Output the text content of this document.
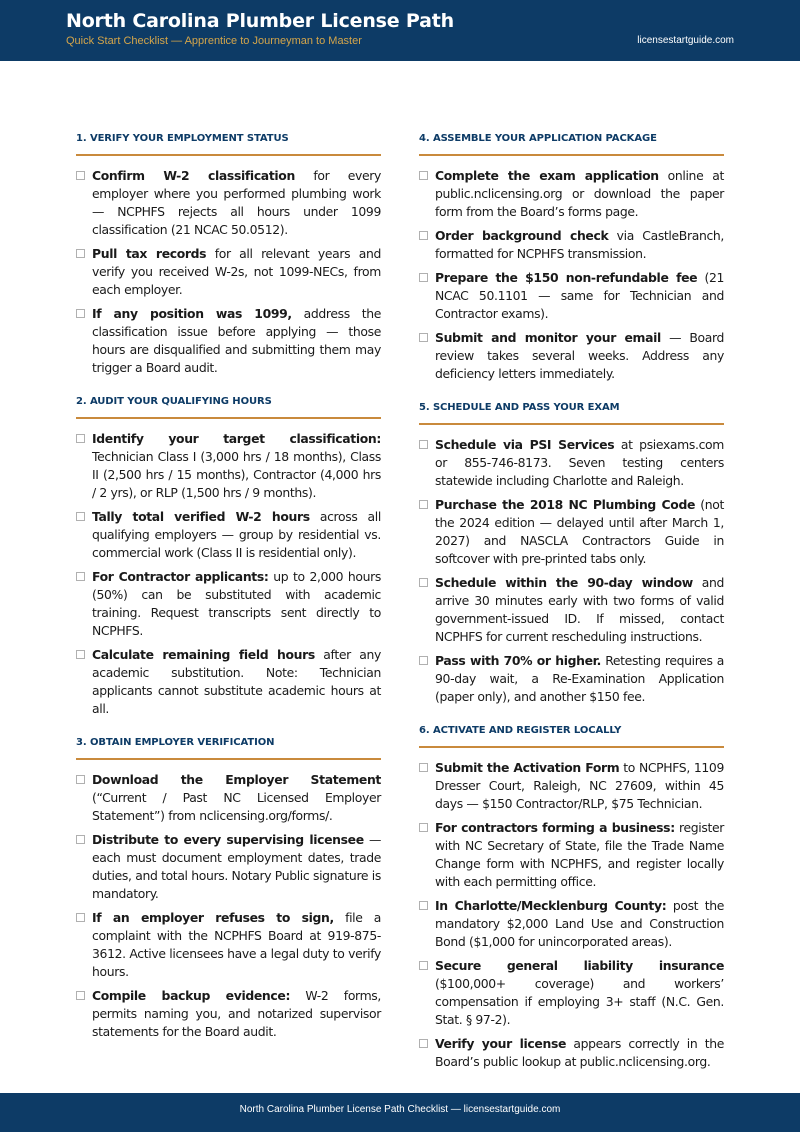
North Carolina Plumber License Path
Quick Start Checklist — Apprentice to Journeyman to Master	licensestartguide.com
1. VERIFY YOUR EMPLOYMENT STATUS
Confirm W-2 classification for every employer where you performed plumbing work — NCPHFS rejects all hours under 1099 classification (21 NCAC 50.0512).
Pull tax records for all relevant years and verify you received W-2s, not 1099-NECs, from each employer.
If any position was 1099, address the classification issue before applying — those hours are disqualified and submitting them may trigger a Board audit.
2. AUDIT YOUR QUALIFYING HOURS
Identify your target classification: Technician Class I (3,000 hrs / 18 months), Class II (2,500 hrs / 15 months), Contractor (4,000 hrs / 2 yrs), or RLP (1,500 hrs / 9 months).
Tally total verified W-2 hours across all qualifying employers — group by residential vs. commercial work (Class II is residential only).
For Contractor applicants: up to 2,000 hours (50%) can be substituted with academic training. Request transcripts sent directly to NCPHFS.
Calculate remaining field hours after any academic substitution. Note: Technician applicants cannot substitute academic hours at all.
3. OBTAIN EMPLOYER VERIFICATION
Download the Employer Statement (“Current / Past NC Licensed Employer Statement”) from nclicensing.org/forms/.
Distribute to every supervising licensee — each must document employment dates, trade duties, and total hours. Notary Public signature is mandatory.
If an employer refuses to sign, file a complaint with the NCPHFS Board at 919-875-3612. Active licensees have a legal duty to verify hours.
Compile backup evidence: W-2 forms, permits naming you, and notarized supervisor statements for the Board audit.
4. ASSEMBLE YOUR APPLICATION PACKAGE
Complete the exam application online at public.nclicensing.org or download the paper form from the Board’s forms page.
Order background check via CastleBranch, formatted for NCPHFS transmission.
Prepare the $150 non-refundable fee (21 NCAC 50.1101 — same for Technician and Contractor exams).
Submit and monitor your email — Board review takes several weeks. Address any deficiency letters immediately.
5. SCHEDULE AND PASS YOUR EXAM
Schedule via PSI Services at psiexams.com or 855-746-8173. Seven testing centers statewide including Charlotte and Raleigh.
Purchase the 2018 NC Plumbing Code (not the 2024 edition — delayed until after March 1, 2027) and NASCLA Contractors Guide in softcover with pre-printed tabs only.
Schedule within the 90-day window and arrive 30 minutes early with two forms of valid government-issued ID. If missed, contact NCPHFS for current rescheduling instructions.
Pass with 70% or higher. Retesting requires a 90-day wait, a Re-Examination Application (paper only), and another $150 fee.
6. ACTIVATE AND REGISTER LOCALLY
Submit the Activation Form to NCPHFS, 1109 Dresser Court, Raleigh, NC 27609, within 45 days — $150 Contractor/RLP, $75 Technician.
For contractors forming a business: register with NC Secretary of State, file the Trade Name Change form with NCPHFS, and register locally with each permitting office.
In Charlotte/Mecklenburg County: post the mandatory $2,000 Land Use and Construction Bond ($1,000 for unincorporated areas).
Secure general liability insurance ($100,000+ coverage) and workers’ compensation if employing 3+ staff (N.C. Gen. Stat. § 97-2).
Verify your license appears correctly in the Board’s public lookup at public.nclicensing.org.
North Carolina Plumber License Path Checklist — licensestartguide.com
